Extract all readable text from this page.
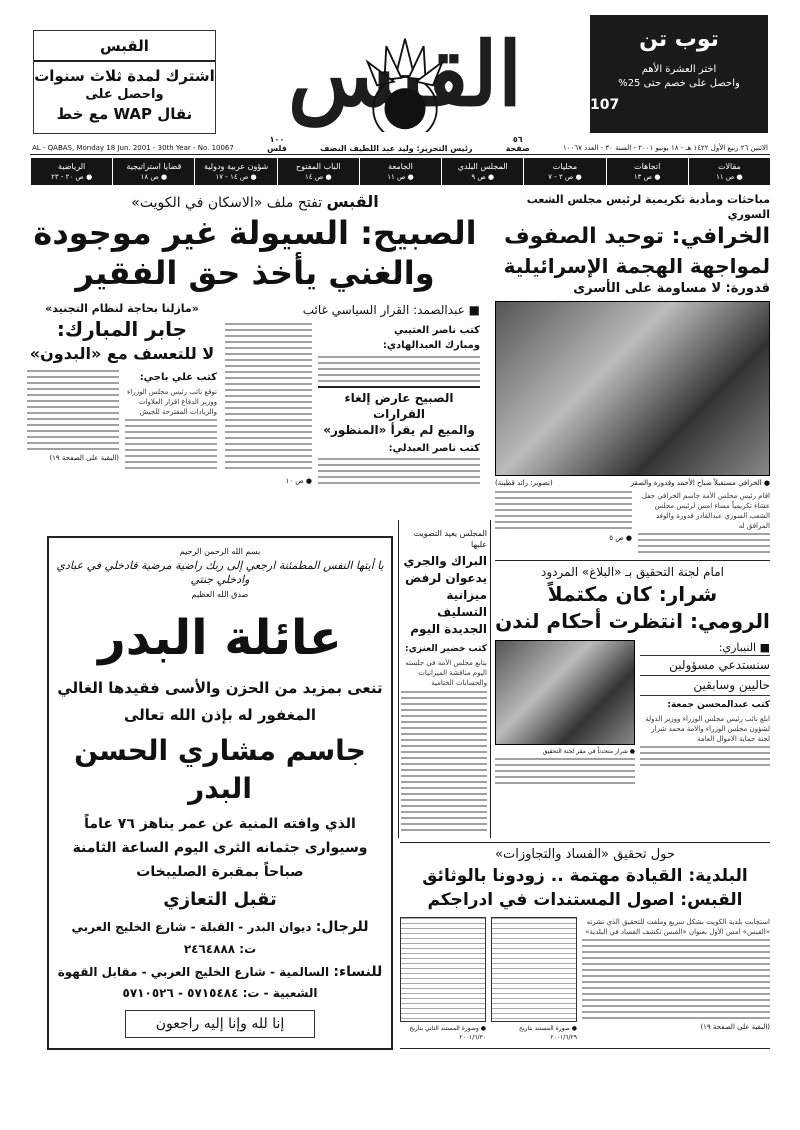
القبس
اشترك لمدة ثلاث سنوات
واحصل على
نقال WAP مع خط	القبس	توب تن
اختر العشرة الأهم
واحصل على خصم حتى 25%
107
AL - QABAS, Monday 18 Jun. 2001 - 30th Year - No. 10067
١٠٠
فلس	رئيس التحرير: وليد عبد اللطيف النصف
٥٦
صفحة	الاثنين ٢٦ ربيع الأول ١٤٢٢ هـ - ١٨ يونيو ٢٠٠١ - السنة ٣٠ - العدد ١٠٠٦٧
مقالات
● ص ١١
اتجاهات
● ص ١٣
محليات
● ص ٢ - ٧
المجلس البلدي
● ص ٩
الجامعة
● ص ١١
الباب المفتوح
● ص ١٤
شؤون عربية ودولية
● ص ١٤ - ١٧
قضايا استراتيجية
● ص ١٨
الرياضية
● ص ٢٠ - ٢٣
القبس تفتح ملف «الاسكان في الكويت»
الصبيح: السيولة غير موجودة
والغني يأخذ حق الفقير
■ عبدالصمد: القرار السياسي غائب
كتب ناصر العتيبي
ومبارك العبدالهادي:
الصبيح عارض إلغاء القرارات
والميع لم يقرأ «المنظور»
كتب ناصر العبدلي:
● ص ١٠
«مازلنا بحاجة لنظام التجنيد»
جابر المبارك:
لا للتعسف مع «البدون»
كتب علي باجي:
توقع نائب رئيس مجلس الوزراء ووزير الدفاع اقرار العلاوات والزيادات المقترحة للجيش
(البقية على الصفحة ١٩)
بسم الله الرحمن الرحيم
يا أيتها النفس المطمئنة ارجعي إلى ربك راضية مرضية فادخلي في عبادي وادخلي جنتي
صدق الله العظيم
عائلة البدر
تنعى بمزيد من الحزن والأسى فقيدها الغالي
المغفور له بإذن الله تعالى
جاسم مشاري الحسن البدر
الذي وافته المنية عن عمر يناهز ٧٦ عاماً
وسيوارى جثمانه الثرى اليوم الساعة الثامنة
صباحاً بمقبرة الصليبخات
تقبل التعازي
للرجال: ديوان البدر - القبلة - شارع الخليج العربي
ت: ٢٤٦٤٨٨٨
للنساء: السالمية - شارع الخليج العربي - مقابل القهوة
الشعبية - ت: ٥٧١٥٤٨٤ - ٥٧١٠٥٢٦
إنا لله وإنا إليه راجعون
المجلس يعيد التصويت عليها
البراك والجري يدعوان لرفض ميزانية التسليف الجديدة اليوم
كتب خضير العنزي:
يتابع مجلس الأمة في جلسته اليوم مناقشة الميزانيات والحسابات الختامية
مباحثات ومأدبة تكريمية لرئيس مجلس الشعب السوري
الخرافي: توحيد الصفوف
لمواجهة الهجمة الإسرائيلية
قدورة: لا مساومة على الأسرى
● الخرافي مستقبلاً صباح الأحمد وقدورة والصقر
(تصوير: رائد قطينة)
اقام رئيس مجلس الأمة جاسم الخرافي حفل عشاء تكريمياً مساء امس لرئيس مجلس الشعب السوري عبدالقادر قدورة والوفد المرافق له
● ص ٥
امام لجنة التحقيق بـ «البلاغ» المردود
شرار: كان مكتملاً
الرومي: انتظرت أحكام لندن
■ النيباري:
سنستدعي مسؤولين
حاليين وسابقين
كتب عبدالمحسن جمعة:
ابلغ نائب رئيس مجلس الوزراء ووزير الدولة لشؤون مجلس الوزراء والامة محمد شرار لجنة حماية الاموال العامة
● شرار متحدثاً في مقر لجنة التحقيق
حول تحقيق «الفساد والتجاوزات»
البلدية: القيادة مهتمة .. زودونا بالوثائق
القبس: اصول المستندات في ادراجكم
استجابت بلدية الكويت بشكل سريع وملفت للتحقيق الذي نشرته «القبس» امس الأول بعنوان «القبس تكشف الفساد في البلدية»
(البقية على الصفحة ١٩)
● صورة المستند بتاريخ ٢٠٠١/٦/٢٩
● وصورة المستند الثاني بتاريخ ٢٠٠١/٦/٣٠
